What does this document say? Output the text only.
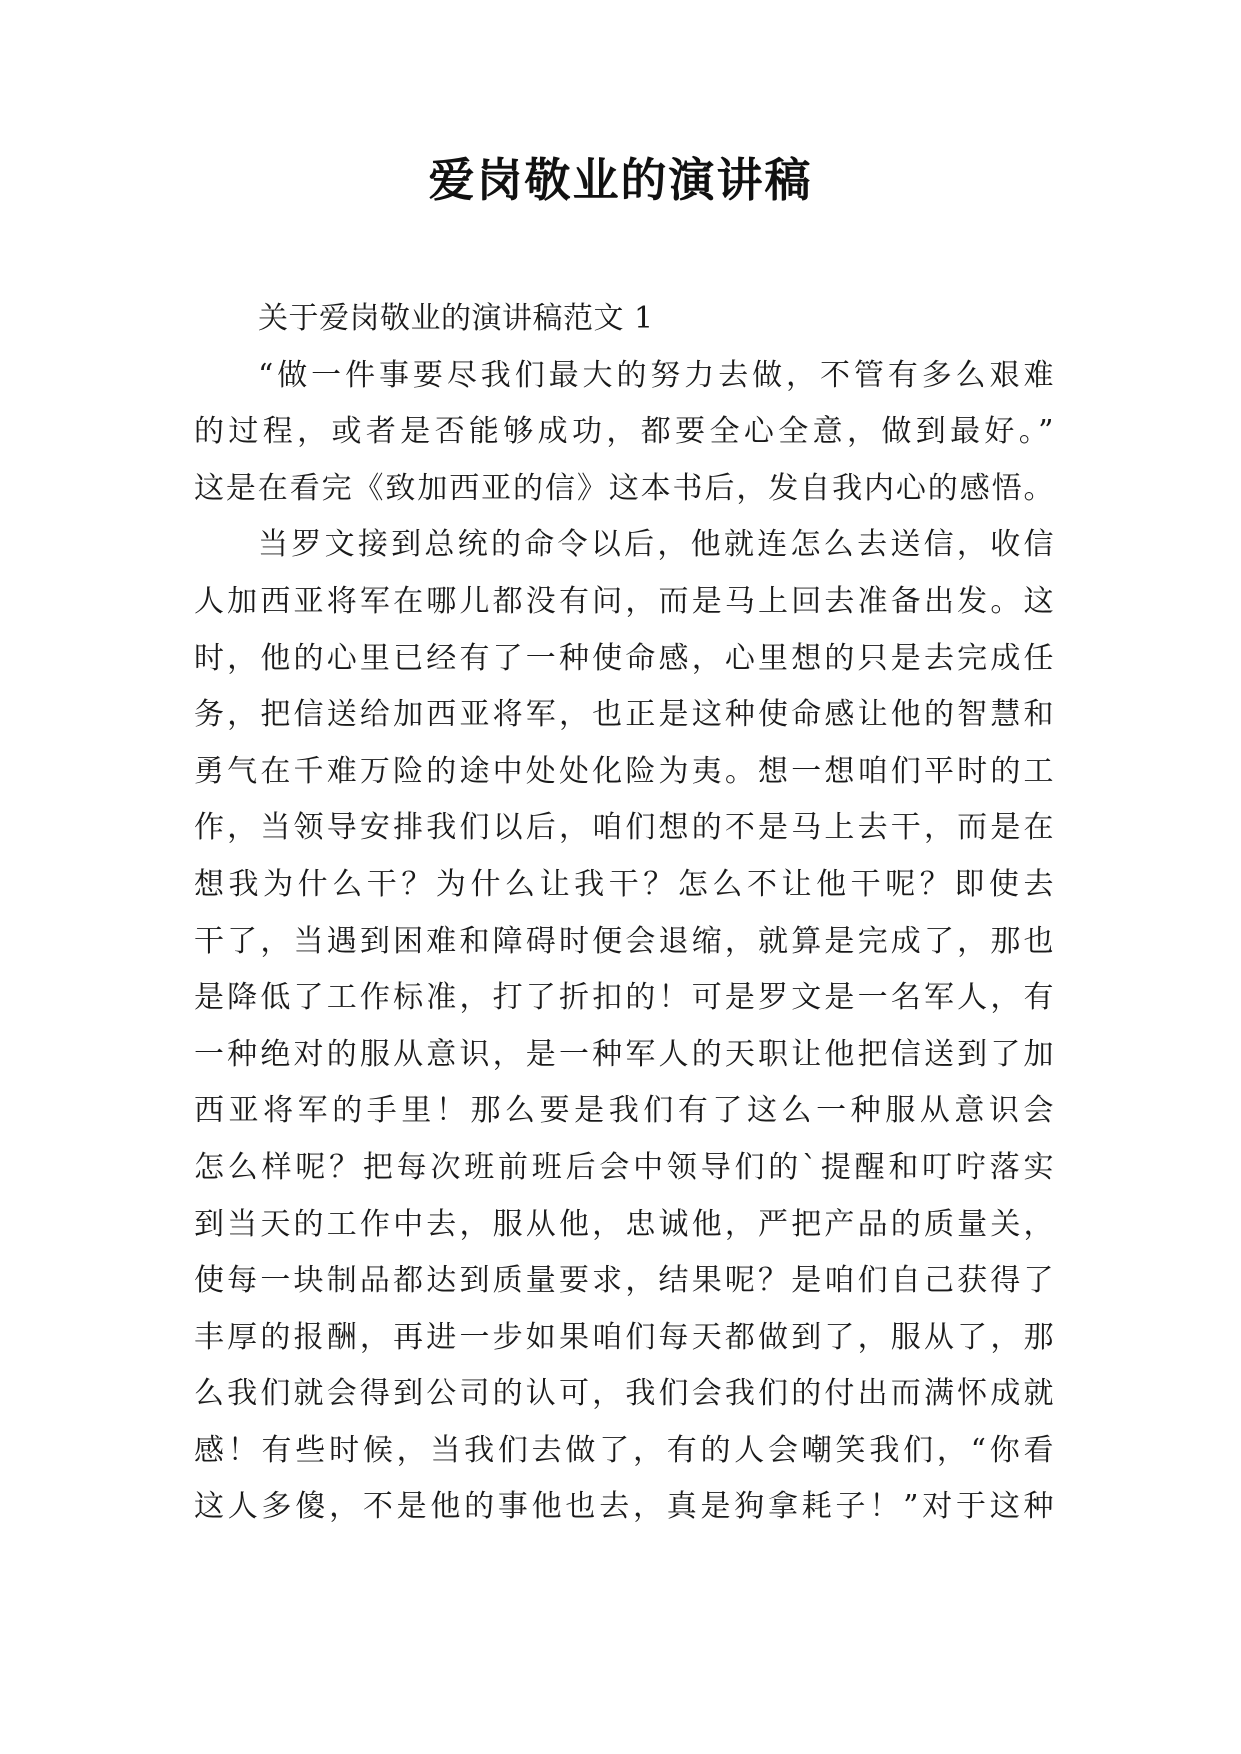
爱岗敬业的演讲稿
关于爱岗敬业的演讲稿范文 1
“做一件事要尽我们最大的努力去做，不管有多么艰难
的过程，或者是否能够成功，都要全心全意，做到最好。”
这是在看完《致加西亚的信》这本书后，发自我内心的感悟。
当罗文接到总统的命令以后，他就连怎么去送信，收信
人加西亚将军在哪儿都没有问，而是马上回去准备出发。这
时，他的心里已经有了一种使命感，心里想的只是去完成任
务，把信送给加西亚将军，也正是这种使命感让他的智慧和
勇气在千难万险的途中处处化险为夷。想一想咱们平时的工
作，当领导安排我们以后，咱们想的不是马上去干，而是在
想我为什么干？为什么让我干？怎么不让他干呢？即使去
干了，当遇到困难和障碍时便会退缩，就算是完成了，那也
是降低了工作标准，打了折扣的！可是罗文是一名军人，有
一种绝对的服从意识，是一种军人的天职让他把信送到了加
西亚将军的手里！那么要是我们有了这么一种服从意识会
怎么样呢？把每次班前班后会中领导们的`提醒和叮咛落实
到当天的工作中去，服从他，忠诚他，严把产品的质量关，
使每一块制品都达到质量要求，结果呢？是咱们自己获得了
丰厚的报酬，再进一步如果咱们每天都做到了，服从了，那
么我们就会得到公司的认可，我们会我们的付出而满怀成就
感！有些时候，当我们去做了，有的人会嘲笑我们，“你看
这人多傻，不是他的事他也去，真是狗拿耗子！”对于这种
